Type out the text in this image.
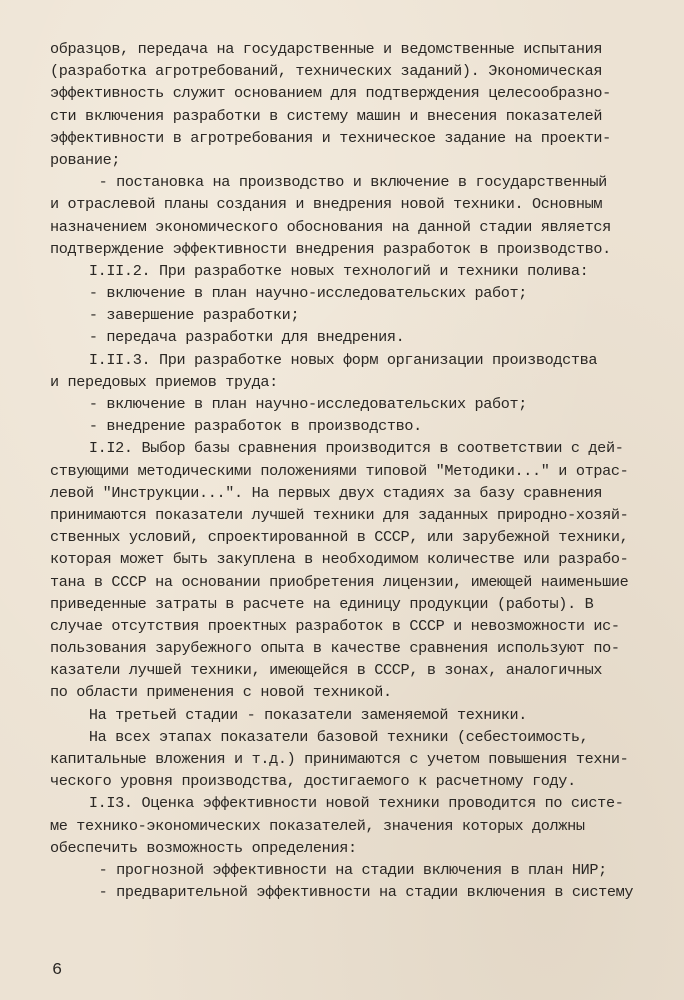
образцов, передача на государственные и ведомственные испытания
(разработка агротребований, технических заданий). Экономическая
эффективность служит основанием для подтверждения целесообразно-
сти включения разработки в систему машин и внесения показателей
эффективности в агротребования и техническое задание на проекти-
рование;
- постановка на производство и включение в государственный
и отраслевой планы создания и внедрения новой техники. Основным
назначением экономического обоснования на данной стадии является
подтверждение эффективности внедрения разработок в производство.
I.II.2. При разработке новых технологий и техники полива:
- включение в план научно-исследовательских работ;
- завершение разработки;
- передача разработки для внедрения.
I.II.3. При разработке новых форм организации производства
и передовых приемов труда:
- включение в план научно-исследовательских работ;
- внедрение разработок в производство.
I.I2. Выбор базы сравнения производится в соответствии с дей-
ствующими методическими положениями типовой "Методики..." и отрас-
левой "Инструкции...". На первых двух стадиях за базу сравнения
принимаются показатели лучшей техники для заданных природно-хозяй-
ственных условий, спроектированной в СССР, или зарубежной техники,
которая может быть закуплена в необходимом количестве или разрабо-
тана в СССР на основании приобретения лицензии, имеющей наименьшие
приведенные затраты в расчете на единицу продукции (работы). В
случае отсутствия проектных разработок в СССР и невозможности ис-
пользования зарубежного опыта в качестве сравнения используют по-
казатели лучшей техники, имеющейся в СССР, в зонах, аналогичных
по области применения с новой техникой.
На третьей стадии - показатели заменяемой техники.
На всех этапах показатели базовой техники (себестоимость,
капитальные вложения и т.д.) принимаются с учетом повышения техни-
ческого уровня производства, достигаемого к расчетному году.
I.I3. Оценка эффективности новой техники проводится по систе-
ме технико-экономических показателей, значения которых должны
обеспечить возможность определения:
- прогнозной эффективности на стадии включения в план НИР;
- предварительной эффективности на стадии включения в систему
6
